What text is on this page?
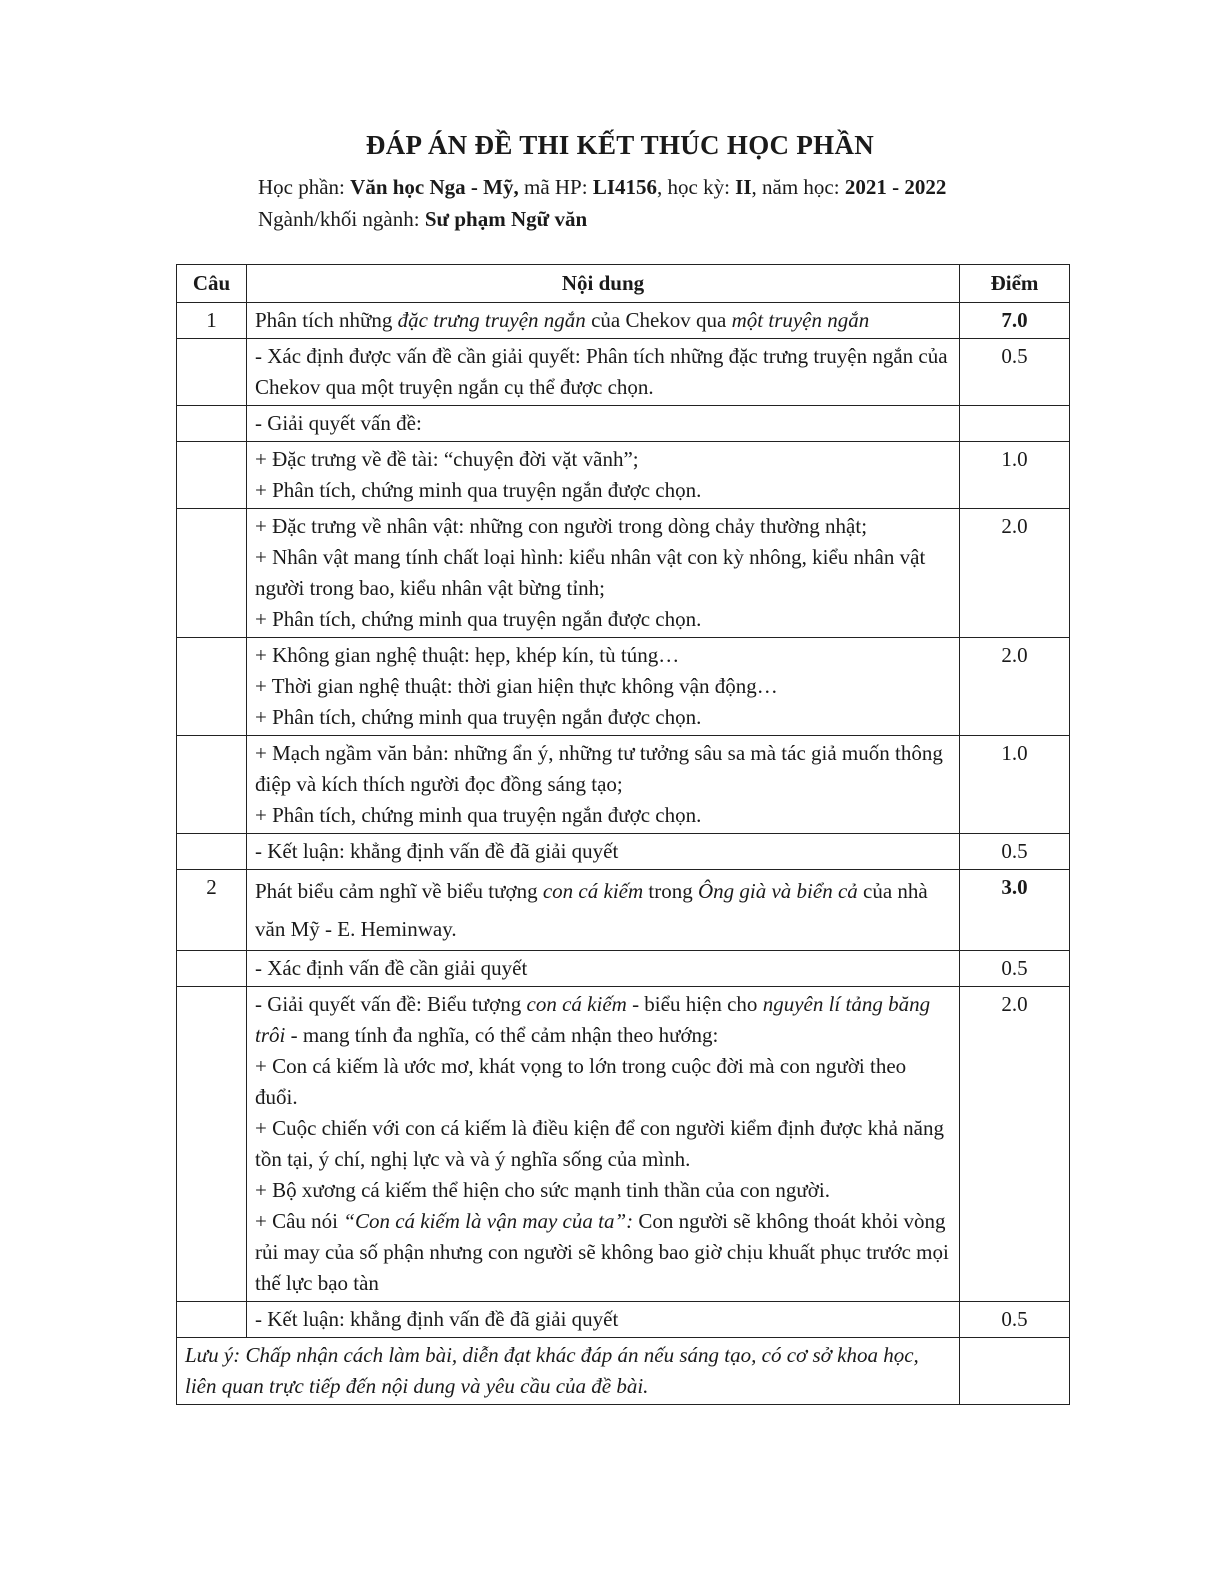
ĐÁP ÁN ĐỀ THI KẾT THÚC HỌC PHẦN
Học phần: Văn học Nga - Mỹ, mã HP: LI4156, học kỳ: II, năm học: 2021 - 2022
Ngành/khối ngành: Sư phạm Ngữ văn
Câu	Nội dung	Điểm
1	Phân tích những đặc trưng truyện ngắn của Chekov qua một truyện ngắn	7.0

	- Xác định được vấn đề cần giải quyết: Phân tích những đặc trưng truyện ngắn của Chekov qua một truyện ngắn cụ thể được chọn.	0.5

	- Giải quyết vấn đề:	

	+ Đặc trưng về đề tài: “chuyện đời vặt vãnh”;
+ Phân tích, chứng minh qua truyện ngắn được chọn.	1.0

	+ Đặc trưng về nhân vật: những con người trong dòng chảy thường nhật;
+ Nhân vật mang tính chất loại hình: kiểu nhân vật con kỳ nhông, kiểu nhân vật người trong bao, kiểu nhân vật bừng tỉnh;
+ Phân tích, chứng minh qua truyện ngắn được chọn.	2.0

	+ Không gian nghệ thuật: hẹp, khép kín, tù túng…
+ Thời gian nghệ thuật: thời gian hiện thực không vận động…
+ Phân tích, chứng minh qua truyện ngắn được chọn.	2.0

	+ Mạch ngầm văn bản: những ẩn ý, những tư tưởng sâu sa mà tác giả muốn thông điệp và kích thích người đọc đồng sáng tạo;
+ Phân tích, chứng minh qua truyện ngắn được chọn.	1.0

	- Kết luận: khẳng định vấn đề đã giải quyết	0.5
2	Phát biểu cảm nghĩ về biểu tượng con cá kiếm trong Ông già và biển cả của nhà văn Mỹ - E. Heminway.	3.0
	- Xác định vấn đề cần giải quyết	0.5

	- Giải quyết vấn đề: Biểu tượng con cá kiếm - biểu hiện cho nguyên lí tảng băng trôi - mang tính đa nghĩa, có thể cảm nhận theo hướng:
+ Con cá kiếm là ước mơ, khát vọng to lớn trong cuộc đời mà con người theo đuổi.
+ Cuộc chiến với con cá kiếm là điều kiện để con người kiểm định được khả năng tồn tại, ý chí, nghị lực và và ý nghĩa sống của mình.
+ Bộ xương cá kiếm thể hiện cho sức mạnh tinh thần của con người.
+ Câu nói “Con cá kiếm là vận may của ta”: Con người sẽ không thoát khỏi vòng rủi may của số phận nhưng con người sẽ không bao giờ chịu khuất phục trước mọi thế lực bạo tàn	2.0
	- Kết luận: khẳng định vấn đề đã giải quyết	0.5
Lưu ý: Chấp nhận cách làm bài, diễn đạt khác đáp án nếu sáng tạo, có cơ sở khoa học, liên quan trực tiếp đến nội dung và yêu cầu của đề bài.		
